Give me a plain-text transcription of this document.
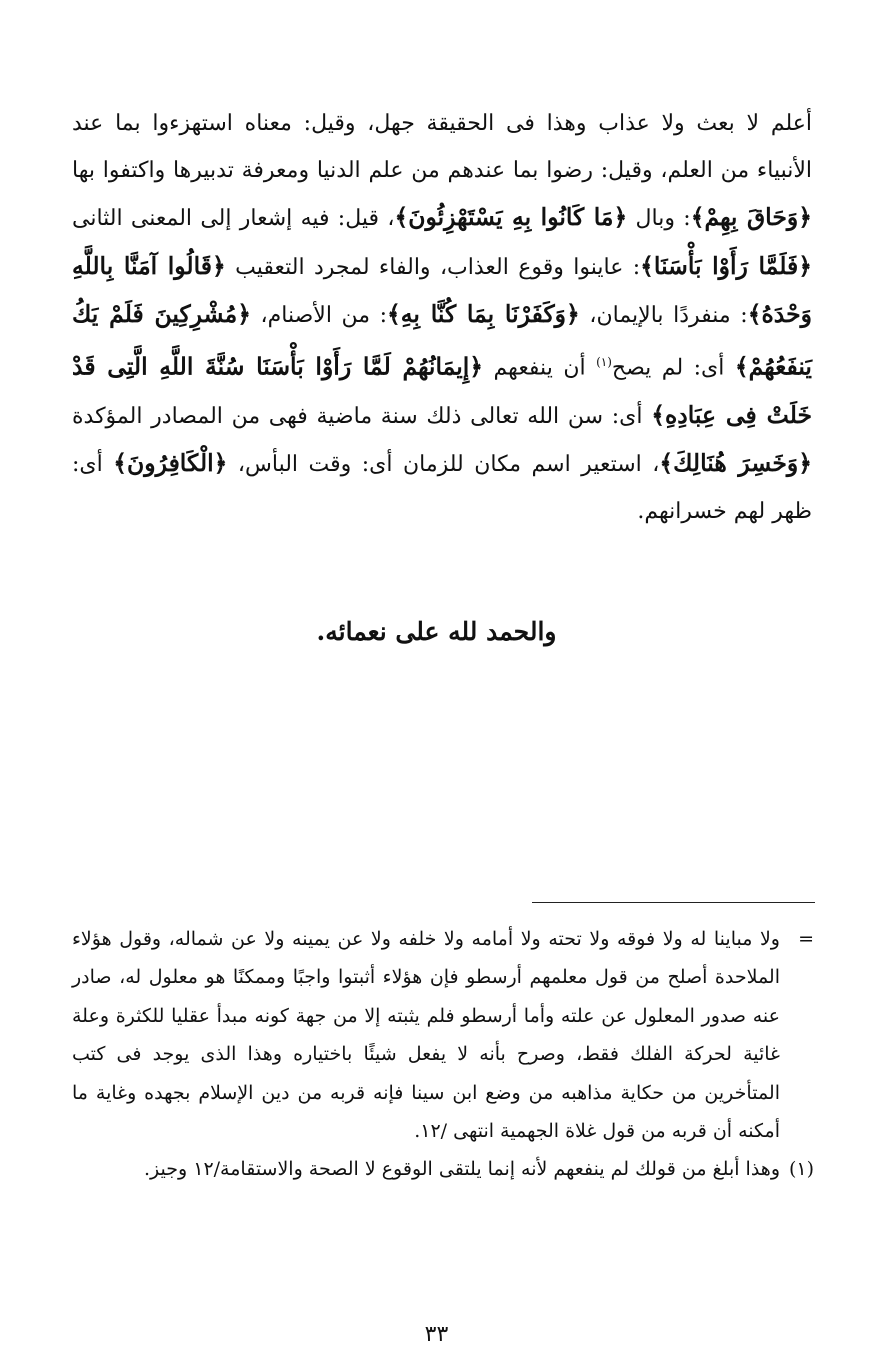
أعلم لا بعث ولا عذاب وهذا فى الحقيقة جهل، وقيل: معناه استهزءوا بما عند الأنبياء من العلم، وقيل: رضوا بما عندهم من علم الدنيا ومعرفة تدبيرها واكتفوا بها ﴿وَحَاقَ بِهِمْ﴾: وبال ﴿مَا كَانُوا بِهِ يَسْتَهْزِئُونَ﴾، قيل: فيه إشعار إلى المعنى الثانى ﴿فَلَمَّا رَأَوْا بَأْسَنَا﴾: عاينوا وقوع العذاب، والفاء لمجرد التعقيب ﴿قَالُوا آمَنَّا بِاللَّهِ وَحْدَهُ﴾: منفردًا بالإيمان، ﴿وَكَفَرْنَا بِمَا كُنَّا بِهِ﴾: من الأصنام، ﴿مُشْرِكِينَ فَلَمْ يَكُ يَنفَعُهُمْ﴾ أى: لم يصح$^{(١)}$ أن ينفعهم ﴿إِيمَانُهُمْ لَمَّا رَأَوْا بَأْسَنَا سُنَّةَ اللَّهِ الَّتِى قَدْ خَلَتْ فِى عِبَادِهِ﴾ أى: سن الله تعالى ذلك سنة ماضية فهى من المصادر المؤكدة ﴿وَخَسِرَ هُنَالِكَ﴾، استعير اسم مكان للزمان أى: وقت البأس، ﴿الْكَافِرُونَ﴾ أى: ظهر لهم خسرانهم.

والحمد لله على نعمائه.

=
ولا مباينا له ولا فوقه ولا تحته ولا أمامه ولا خلفه ولا عن يمينه ولا عن شماله، وقول هؤلاء الملاحدة أصلح من قول معلمهم أرسطو فإن هؤلاء أثبتوا واجبًا وممكنًا هو معلول له، صادر عنه صدور المعلول عن علته وأما أرسطو فلم يثبته إلا من جهة كونه مبدأ عقليا للكثرة وعلة غائية لحركة الفلك فقط، وصرح بأنه لا يفعل شيئًا باختياره وهذا الذى يوجد فى كتب المتأخرين من حكاية مذاهبه من وضع ابن سينا فإنه قربه من دين الإسلام بجهده وغاية ما أمكنه أن قربه من قول غلاة الجهمية انتهى /١٢.
(١)
وهذا أبلغ من قولك لم ينفعهم لأنه إنما يلتقى الوقوع لا الصحة والاستقامة/١٢ وجيز.
٣٣
